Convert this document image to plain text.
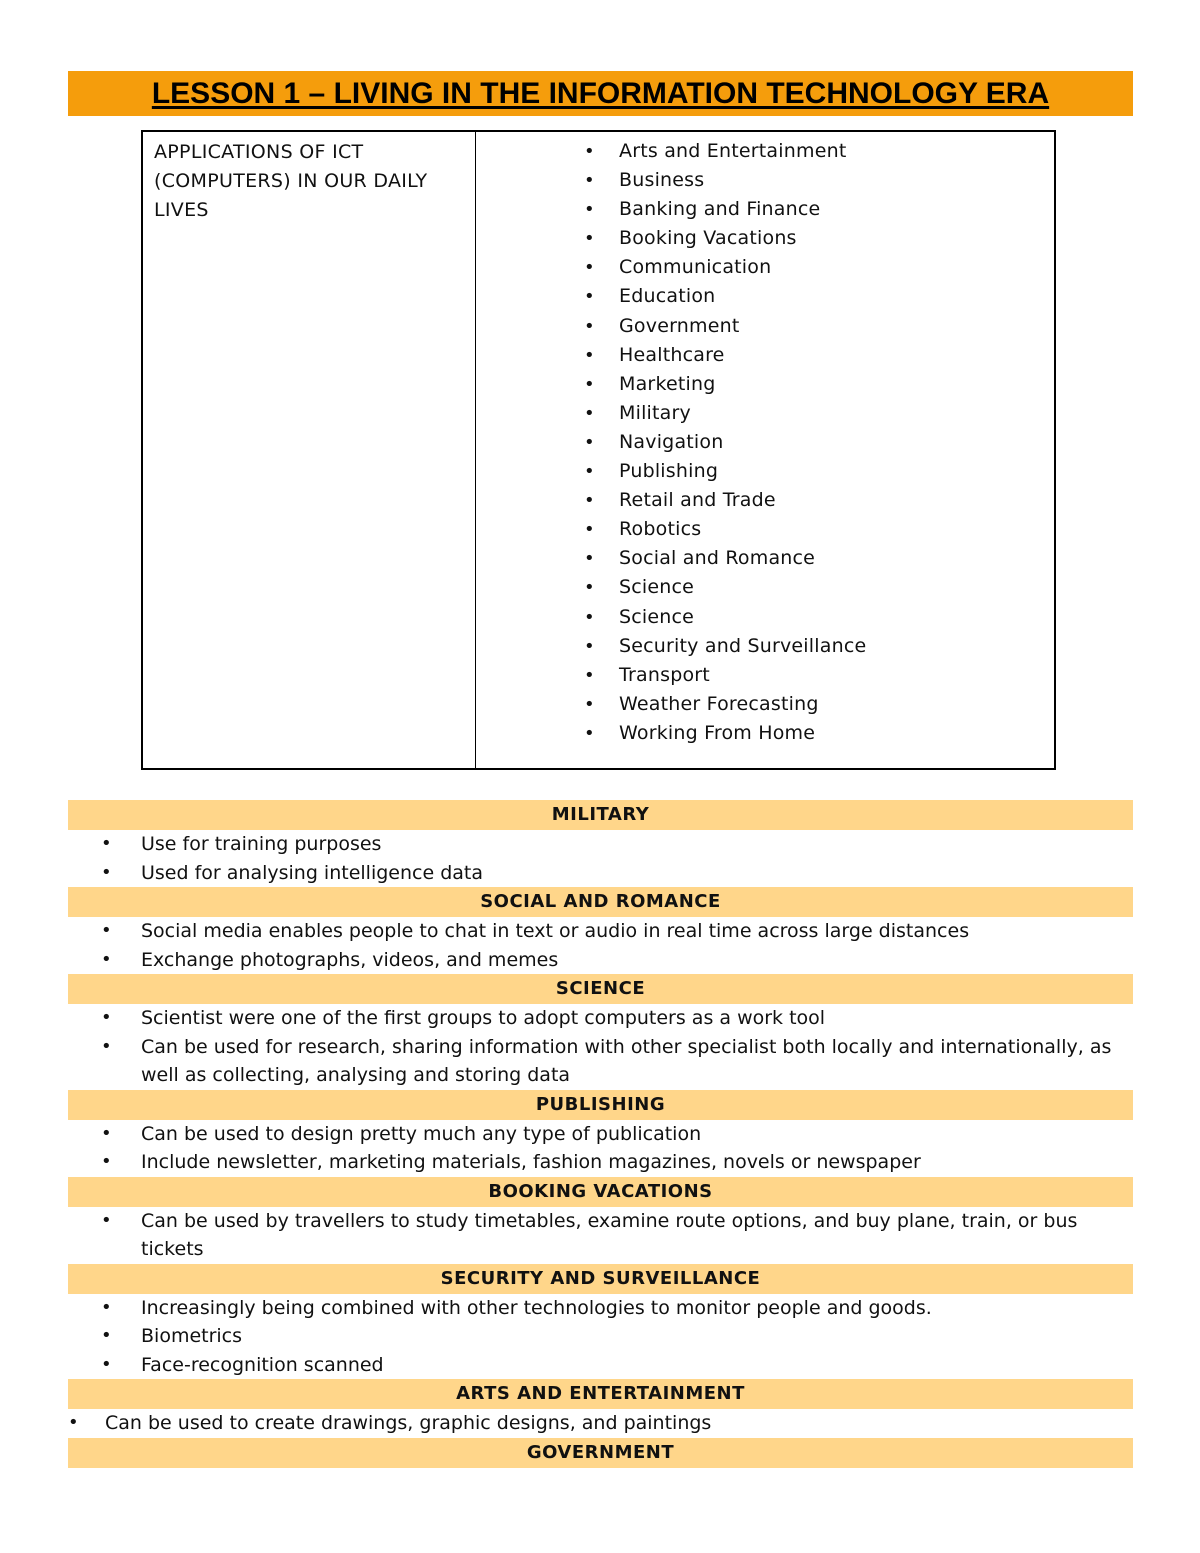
LESSON 1 – LIVING IN THE INFORMATION TECHNOLOGY ERA
APPLICATIONS OF ICT (COMPUTERS) IN OUR DAILY LIVES

• Arts and Entertainment
• Business
• Banking and Finance
• Booking Vacations
• Communication
• Education
• Government
• Healthcare
• Marketing
• Military
• Navigation
• Publishing
• Retail and Trade
• Robotics
• Social and Romance
• Science
• Science
• Security and Surveillance
• Transport
• Weather Forecasting
• Working From Home
MILITARY
• Use for training purposes
• Used for analysing intelligence data
SOCIAL AND ROMANCE
• Social media enables people to chat in text or audio in real time across large distances
• Exchange photographs, videos, and memes
SCIENCE
• Scientist were one of the first groups to adopt computers as a work tool
• Can be used for research, sharing information with other specialist both locally and internationally, as well as collecting, analysing and storing data
PUBLISHING
• Can be used to design pretty much any type of publication
• Include newsletter, marketing materials, fashion magazines, novels or newspaper
BOOKING VACATIONS
• Can be used by travellers to study timetables, examine route options, and buy plane, train, or bus tickets
SECURITY AND SURVEILLANCE
• Increasingly being combined with other technologies to monitor people and goods.
• Biometrics
• Face-recognition scanned
ARTS AND ENTERTAINMENT
• Can be used to create drawings, graphic designs, and paintings
GOVERNMENT
